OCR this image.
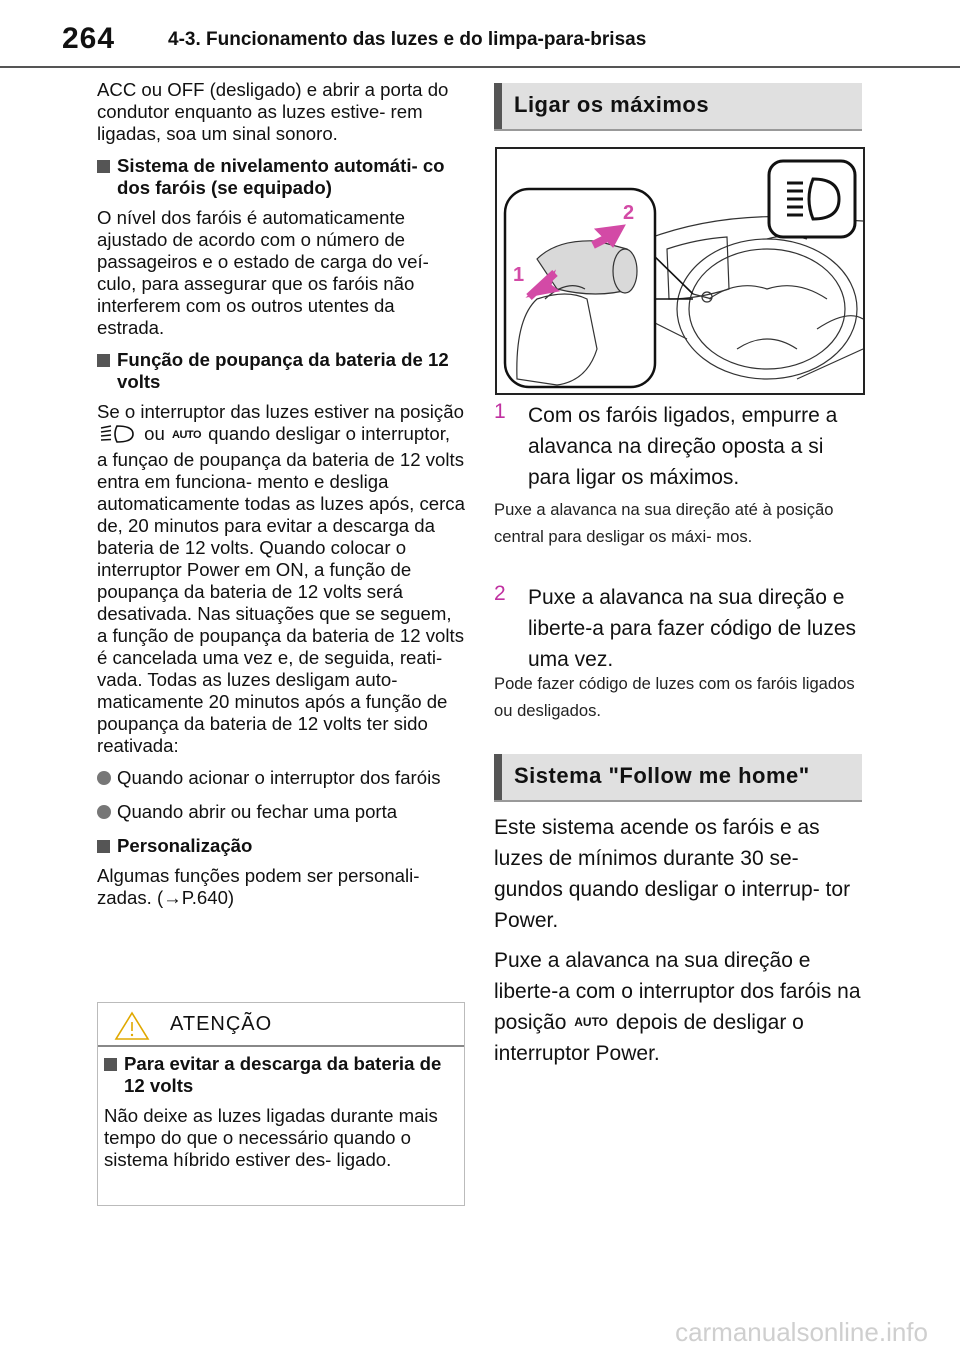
264	4-3. Funcionamento das luzes e do limpa-para-brisas

ACC ou OFF (desligado) e abrir a porta do condutor enquanto as luzes estive- rem ligadas, soa um sinal sonoro.

Sistema de nivelamento automáti- co dos faróis (se equipado)

O nível dos faróis é automaticamente ajustado de acordo com o número de passageiros e o estado de carga do veí- culo, para assegurar que os faróis não interferem com os outros utentes da estrada.

Função de poupança da bateria de 12 volts

Se o interruptor das luzes estiver na posição  ou AUTO quando desligar o interruptor, a funçao de poupança da bateria de 12 volts entra em funciona- mento e desliga automaticamente todas as luzes após, cerca de, 20 minutos para evitar a descarga da bateria de 12 volts. Quando colocar o interruptor Power em ON, a função de poupança da bateria de 12 volts será desativada. Nas situações que se seguem, a função de poupança da bateria de 12 volts é cancelada uma vez e, de seguida, reati- vada. Todas as luzes desligam auto- maticamente 20 minutos após a função de poupança da bateria de 12 volts ter sido reativada:

Quando acionar o interruptor dos faróis
Quando abrir ou fechar uma porta
Personalização

Algumas funções podem ser personali- zadas. (→P.640)

ATENÇÃO
Para evitar a descarga da bateria de 12 volts

Não deixe as luzes ligadas durante mais tempo do que o necessário quando o sistema híbrido estiver des- ligado.

Ligar os máximos
1
2
1 Com os faróis ligados, empurre a alavanca na direção oposta a si para ligar os máximos.
Puxe a alavanca na sua direção até à posição central para desligar os máxi- mos.
2 Puxe a alavanca na sua direção e liberte-a para fazer código de luzes uma vez.
Pode fazer código de luzes com os faróis ligados ou desligados.
Sistema "Follow me home"

Este sistema acende os faróis e as luzes de mínimos durante 30 se- gundos quando desligar o interrup- tor Power.

Puxe a alavanca na sua direção e liberte-a com o interruptor dos faróis na posição AUTO depois de desligar o interruptor Power.

carmanualsonline.info
